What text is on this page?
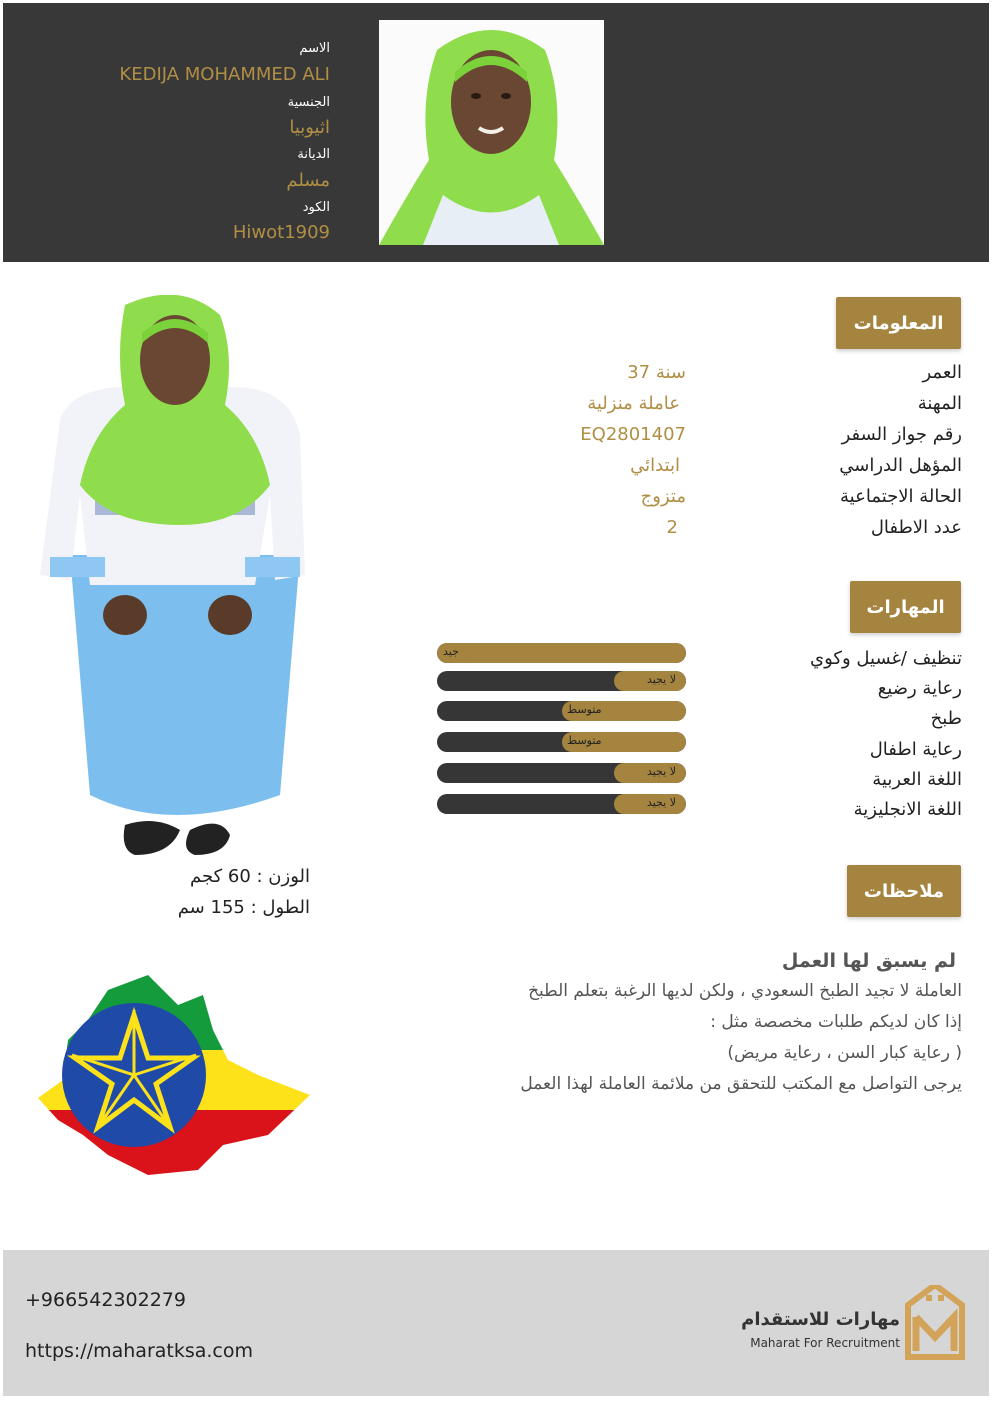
الاسم
KEDIJA MOHAMMED ALI
الجنسية
اثيوبيا
الديانة
مسلم
الكود
Hiwot1909
المعلومات
العمر
37 سنة
المهنة
عاملة منزلية
رقم جواز السفر
EQ2801407
المؤهل الدراسي
ابتدائي
الحالة الاجتماعية
متزوج
عدد الاطفال
2
المهارات
تنظيف /غسيل وكوي
رعاية رضيع
طبخ
رعاية اطفال
اللغة العربية
اللغة الانجليزية
جيد
لا يجيد
متوسط
متوسط
لا يجيد
لا يجيد
الوزن : 60 كجم
الطول : 155 سم
ملاحظات
لم يسبق لها العمل
العاملة لا تجيد الطبخ السعودي ، ولكن لديها الرغبة بتعلم الطبخ
إذا كان لديكم طلبات مخصصة مثل :
( رعاية كبار السن ، رعاية مريض)
يرجى التواصل مع المكتب للتحقق من ملائمة العاملة لهذا العمل
+966542302279
https://maharatksa.com
مهارات للاستقدام
Maharat For Recruitment
